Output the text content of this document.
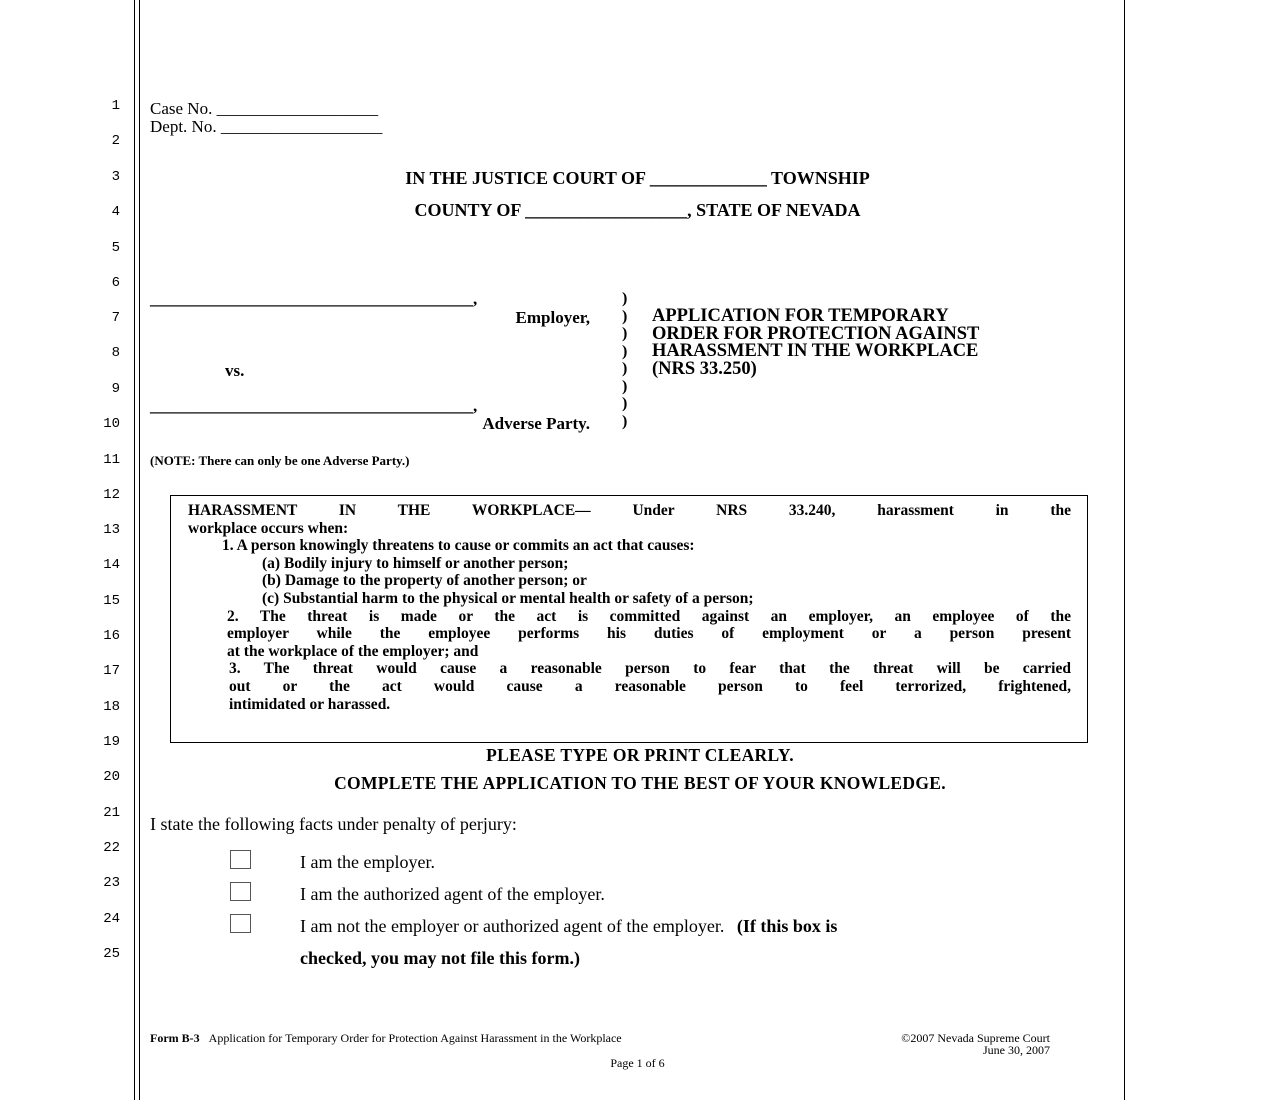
1
2
3
4
5
6
7
8
9
10
11
12
13
14
15
16
17
18
19
20
21
22
23
24
25
Case No. ___________________
Dept. No. ___________________
IN THE JUSTICE COURT OF _____________ TOWNSHIP
COUNTY OF __________________, STATE OF NEVADA
______________________________________,
Employer,
vs.
______________________________________,
Adverse Party.
)
)
)
)
)
)
)
)
APPLICATION FOR TEMPORARY
ORDER FOR PROTECTION AGAINST
HARASSMENT IN THE WORKPLACE
(NRS 33.250)
(NOTE: There can only be one Adverse Party.)
HARASSMENT IN THE WORKPLACE— Under NRS 33.240, harassment in the
workplace occurs when:
1. A person knowingly threatens to cause or commits an act that causes:
(a) Bodily injury to himself or another person;
(b) Damage to the property of another person; or
(c) Substantial harm to the physical or mental health or safety of a person;
2. The threat is made or the act is committed against an employer, an employee of the
employer while the employee performs his duties of employment or a person present
at the workplace of the employer; and
3. The threat would cause a reasonable person to fear that the threat will be carried
out or the act would cause a reasonable person to feel terrorized, frightened,
intimidated or harassed.
PLEASE TYPE OR PRINT CLEARLY.
COMPLETE THE APPLICATION TO THE BEST OF YOUR KNOWLEDGE.
I state the following facts under penalty of perjury:
I am the employer.
I am the authorized agent of the employer.
I am not the employer or authorized agent of the employer. (If this box is
checked, you may not file this form.)
Form B-3 Application for Temporary Order for Protection Against Harassment in the Workplace	©2007 Nevada Supreme Court
June 30, 2007
Page 1 of 6
